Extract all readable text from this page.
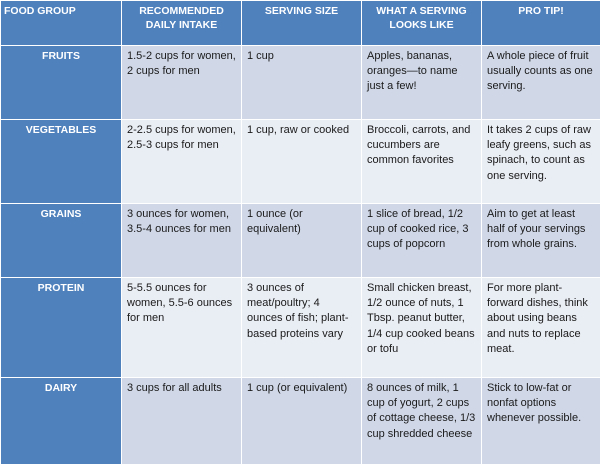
FOOD GROUP	RECOMMENDED DAILY INTAKE	SERVING SIZE	WHAT A SERVING LOOKS LIKE	PRO TIP!
FRUITS	1.5-2 cups for women, 2 cups for men	1 cup	Apples, bananas, oranges—to name just a few!	A whole piece of fruit usually counts as one serving.
VEGETABLES	2-2.5 cups for women, 2.5-3 cups for men	1 cup, raw or cooked	Broccoli, carrots, and cucumbers are common favorites	It takes 2 cups of raw leafy greens, such as spinach, to count as one serving.
GRAINS	3 ounces for women, 3.5-4 ounces for men	1 ounce (or equivalent)	1 slice of bread, 1/2 cup of cooked rice, 3 cups of popcorn	Aim to get at least half of your servings from whole grains.
PROTEIN	5-5.5 ounces for women, 5.5-6 ounces for men	3 ounces of meat/poultry; 4 ounces of fish; plant-based proteins vary	Small chicken breast, 1/2 ounce of nuts, 1 Tbsp. peanut butter, 1/4 cup cooked beans or tofu	For more plant-forward dishes, think about using beans and nuts to replace meat.
DAIRY	3 cups for all adults	1 cup (or equivalent)	8 ounces of milk, 1 cup of yogurt, 2 cups of cottage cheese, 1/3 cup shredded cheese	Stick to low-fat or nonfat options whenever possible.
